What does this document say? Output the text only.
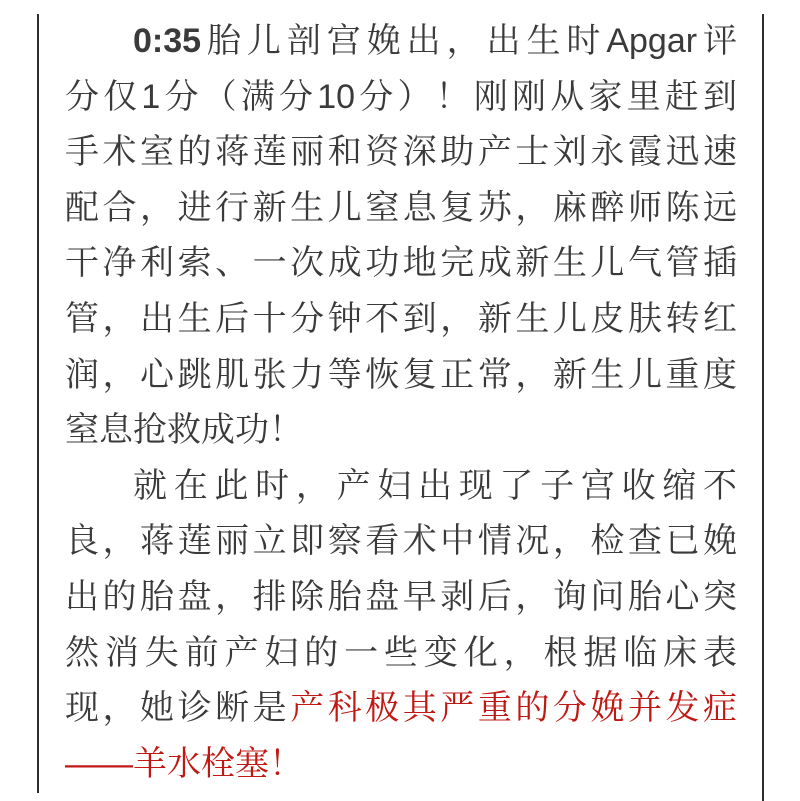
0:35胎儿剖宫娩出，出生时Apgar评
分仅1分（满分10分）！刚刚从家里赶到
手术室的蒋莲丽和资深助产士刘永霞迅速
配合，进行新生儿窒息复苏，麻醉师陈远
干净利索、一次成功地完成新生儿气管插
管，出生后十分钟不到，新生儿皮肤转红
润，心跳肌张力等恢复正常，新生儿重度
窒息抢救成功！
就在此时，产妇出现了子宫收缩不
良，蒋莲丽立即察看术中情况，检查已娩
出的胎盘，排除胎盘早剥后，询问胎心突
然消失前产妇的一些变化，根据临床表
现，她诊断是产科极其严重的分娩并发症
——羊水栓塞！
